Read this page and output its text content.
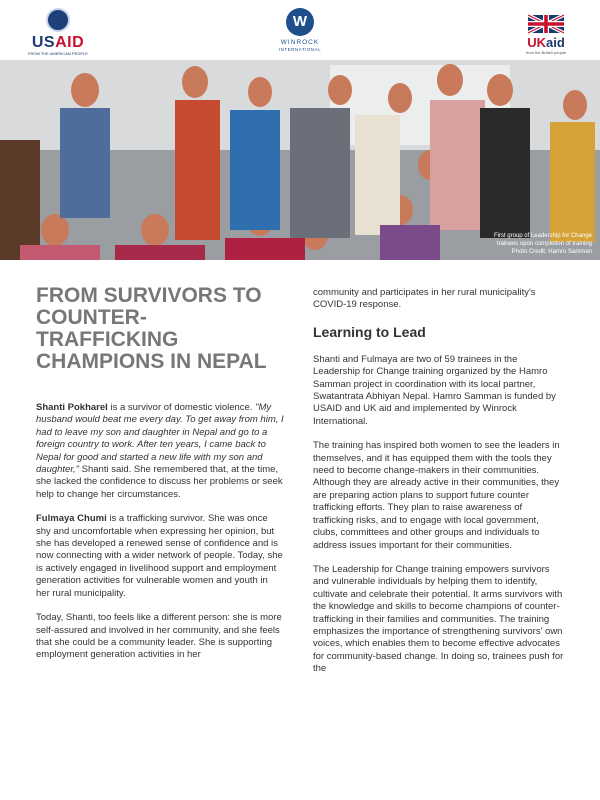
USAID
FROM THE AMERICAN PEOPLE
W
WINROCK
INTERNATIONAL	UKaid
from the British people
First group of Leadership for Change
trainees upon completion of training
Photo Credit: Hamro Samman
FROM SURVIVORS TO COUNTER-TRAFFICKING CHAMPIONS IN NEPAL

Shanti Pokharel is a survivor of domestic violence. "My husband would beat me every day. To get away from him, I had to leave my son and daughter in Nepal and go to a foreign country to work. After ten years, I came back to Nepal for good and started a new life with my son and daughter," Shanti said. She remembered that, at the time, she lacked the confidence to discuss her problems or seek help to change her circumstances.

Fulmaya Chumi is a trafficking survivor. She was once shy and uncomfortable when expressing her opinion, but she has developed a renewed sense of confidence and is now connecting with a wider network of people. Today, she is actively engaged in livelihood support and employment generation activities for vulnerable women and youth in her rural municipality.

Today, Shanti, too feels like a different person: she is more self-assured and involved in her community, and she feels that she could be a community leader. She is supporting employment generation activities in her

community and participates in her rural municipality's COVID-19 response.

Learning to Lead

Shanti and Fulmaya are two of 59 trainees in the Leadership for Change training organized by the Hamro Samman project in coordination with its local partner, Swatantrata Abhiyan Nepal. Hamro Samman is funded by USAID and UK aid and implemented by Winrock International.

The training has inspired both women to see the leaders in themselves, and it has equipped them with the tools they need to become change-makers in their communities. Although they are already active in their communities, they are preparing action plans to support future counter trafficking efforts. They plan to raise awareness of trafficking risks, and to engage with local government, clubs, committees and other groups and individuals to address issues important for their communities.

The Leadership for Change training empowers survivors and vulnerable individuals by helping them to identify, cultivate and celebrate their potential. It arms survivors with the knowledge and skills to become champions of counter-trafficking in their families and communities. The training emphasizes the importance of strengthening survivors' own voices, which enables them to become effective advocates for community-based change. In doing so, trainees push for the
